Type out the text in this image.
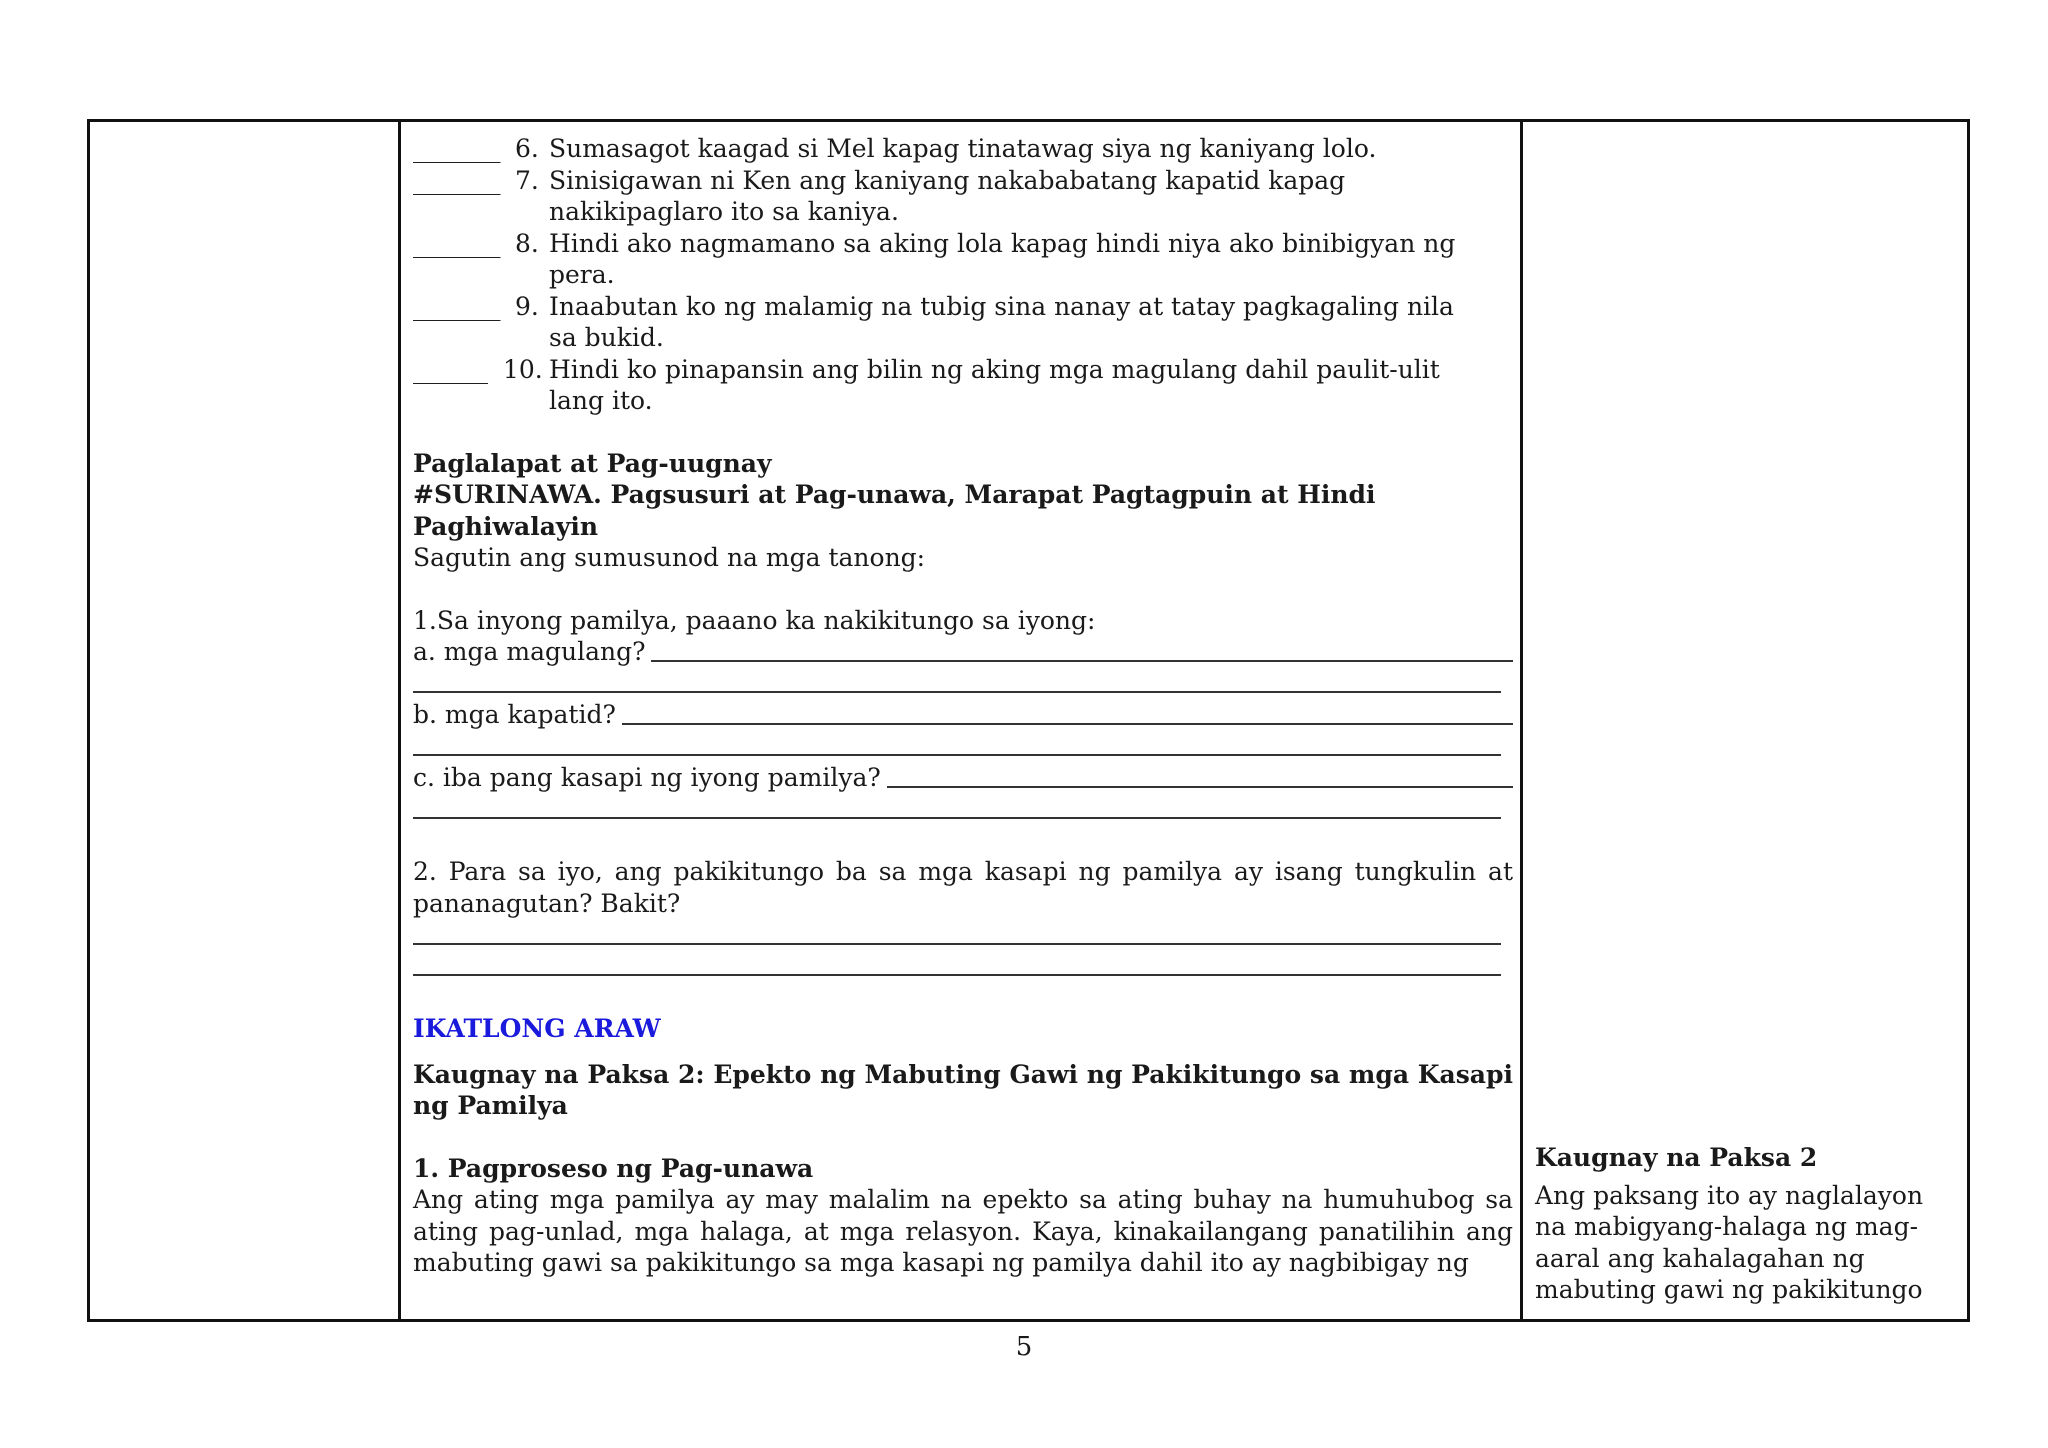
_______ 6. Sumasagot kaagad si Mel kapag tinatawag siya ng kaniyang lolo.
_______ 7. Sinisigawan ni Ken ang kaniyang nakababatang kapatid kapag
nakikipaglaro ito sa kaniya.
_______ 8. Hindi ako nagmamano sa aking lola kapag hindi niya ako binibigyan ng
pera.
_______ 9. Inaabutan ko ng malamig na tubig sina nanay at tatay pagkagaling nila
sa bukid.
______ 10. Hindi ko pinapansin ang bilin ng aking mga magulang dahil paulit-ulit
lang ito.
Paglalapat at Pag-uugnay
#SURINAWA. Pagsusuri at Pag-unawa, Marapat Pagtagpuin at Hindi
Paghiwalayin
Sagutin ang sumusunod na mga tanong:
1.Sa inyong pamilya, paaano ka nakikitungo sa iyong:
a. mga magulang?
b. mga kapatid?
c. iba pang kasapi ng iyong pamilya?
2. Para sa iyo, ang pakikitungo ba sa mga kasapi ng pamilya ay isang tungkulin at pananagutan? Bakit?
IKATLONG ARAW
Kaugnay na Paksa 2: Epekto ng Mabuting Gawi ng Pakikitungo sa mga Kasapi ng Pamilya
1. Pagproseso ng Pag-unawa
Ang ating mga pamilya ay may malalim na epekto sa ating buhay na humuhubog sa ating pag-unlad, mga halaga, at mga relasyon. Kaya, kinakailangang panatilihin ang mabuting gawi sa pakikitungo sa mga kasapi ng pamilya dahil ito ay nagbibigay ng
Kaugnay na Paksa 2
Ang paksang ito ay naglalayon
na mabigyang-halaga ng mag-
aaral ang kahalagahan ng
mabuting gawi ng pakikitungo
5
